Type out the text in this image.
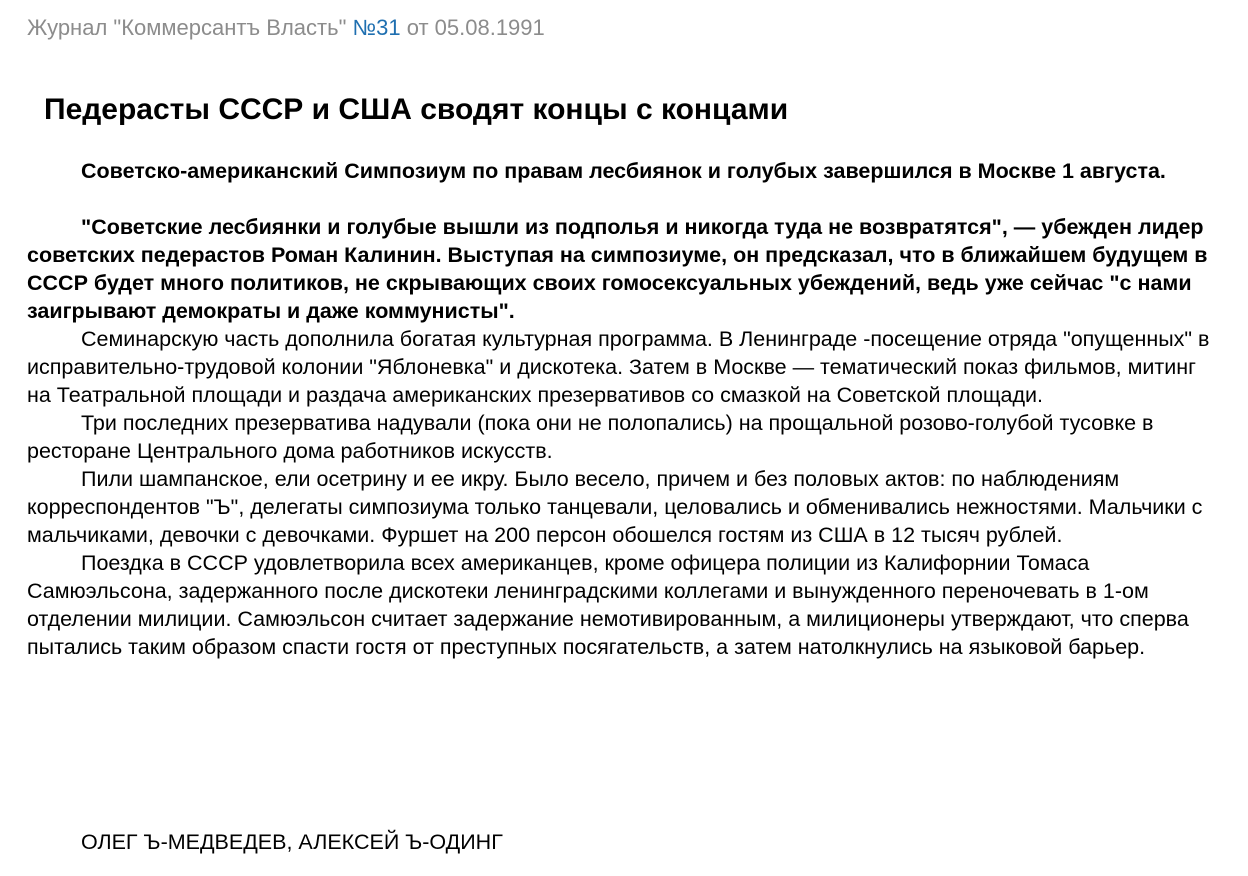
Журнал "Коммерсантъ Власть" №31 от 05.08.1991
Педерасты СССР и США сводят концы с концами

Советско-американский Симпозиум по правам лесбиянок и голубых завершился в Москве 1 августа.

"Советские лесбиянки и голубые вышли из подполья и никогда туда не возвратятся", — убежден лидер советских педерастов Роман Калинин. Выступая на симпозиуме, он предсказал, что в ближайшем будущем в СССР будет много политиков, не скрывающих своих гомосексуальных убеждений, ведь уже сейчас "с нами заигрывают демократы и даже коммунисты".

Семинарскую часть дополнила богатая культурная программа. В Ленинграде -посещение отряда "опущенных" в исправительно-трудовой колонии "Яблоневка" и дискотека. Затем в Москве — тематический показ фильмов, митинг на Театральной площади и раздача американских презервативов со смазкой на Советской площади.

Три последних презерватива надували (пока они не полопались) на прощальной розово-голубой тусовке в ресторане Центрального дома работников искусств.

Пили шампанское, ели осетрину и ее икру. Было весело, причем и без половых актов: по наблюдениям корреспондентов "Ъ", делегаты симпозиума только танцевали, целовались и обменивались нежностями. Мальчики с мальчиками, девочки с девочками. Фуршет на 200 персон обошелся гостям из США в 12 тысяч рублей.

Поездка в СССР удовлетворила всех американцев, кроме офицера полиции из Калифорнии Томаса Самюэльсона, задержанного после дискотеки ленинградскими коллегами и вынужденного переночевать в 1-ом отделении милиции. Самюэльсон считает задержание немотивированным, а милиционеры утверждают, что сперва пытались таким образом спасти гостя от преступных посягательств, а затем натолкнулись на языковой барьер.

ОЛЕГ Ъ-МЕДВЕДЕВ, АЛЕКСЕЙ Ъ-ОДИНГ
